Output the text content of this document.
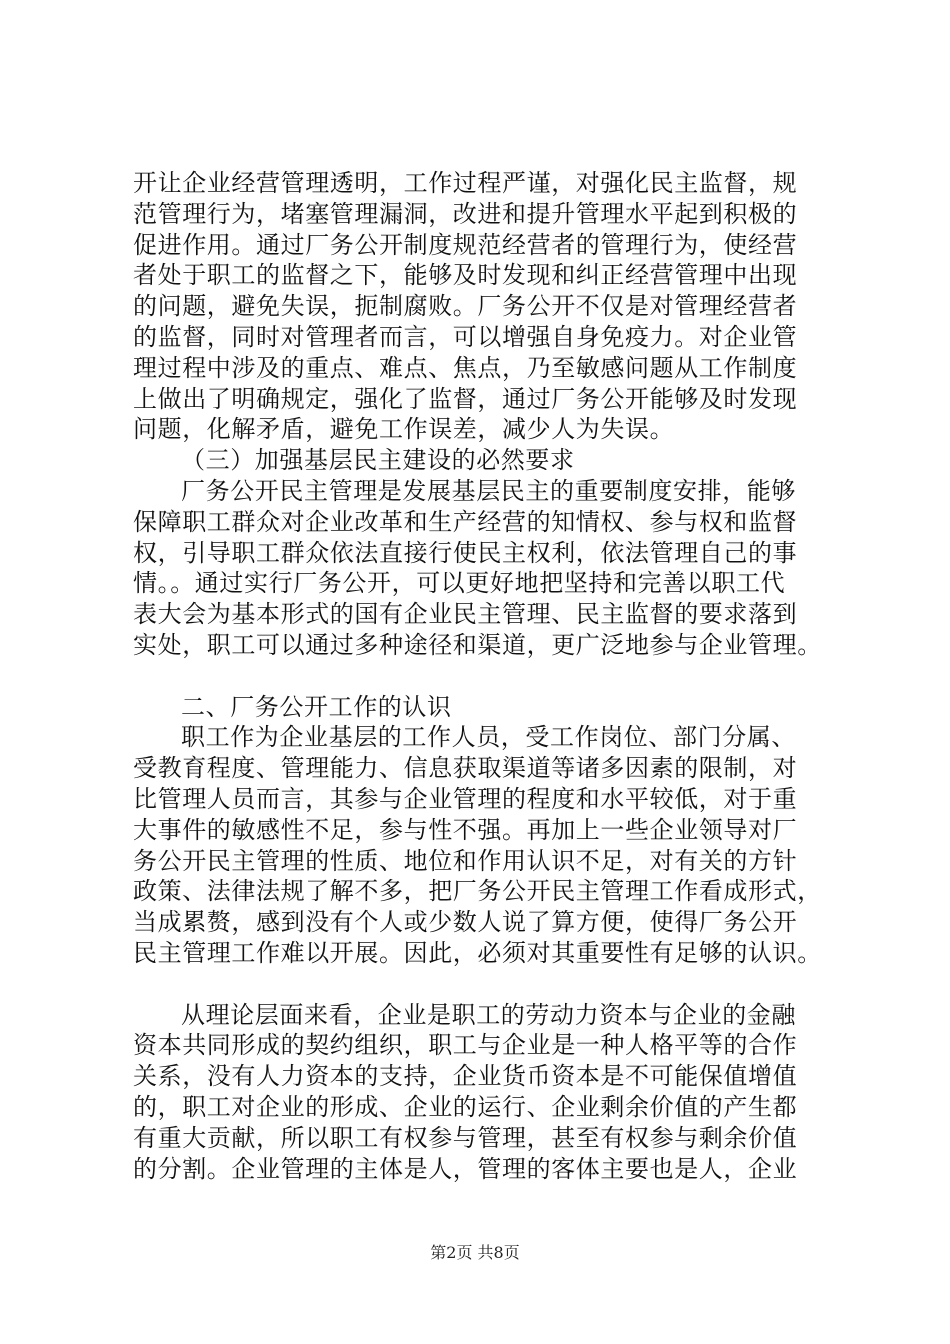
开让企业经营管理透明，工作过程严谨，对强化民主监督，规
范管理行为，堵塞管理漏洞，改进和提升管理水平起到积极的
促进作用。通过厂务公开制度规范经营者的管理行为，使经营
者处于职工的监督之下，能够及时发现和纠正经营管理中出现
的问题，避免失误，扼制腐败。厂务公开不仅是对管理经营者
的监督，同时对管理者而言，可以增强自身免疫力。对企业管
理过程中涉及的重点、难点、焦点，乃至敏感问题从工作制度
上做出了明确规定，强化了监督，通过厂务公开能够及时发现
问题，化解矛盾，避免工作误差，减少人为失误。
（三）加强基层民主建设的必然要求
厂务公开民主管理是发展基层民主的重要制度安排，能够
保障职工群众对企业改革和生产经营的知情权、参与权和监督
权，引导职工群众依法直接行使民主权利，依法管理自己的事
情。。通过实行厂务公开，可以更好地把坚持和完善以职工代
表大会为基本形式的国有企业民主管理、民主监督的要求落到
实处，职工可以通过多种途径和渠道，更广泛地参与企业管理。
二、厂务公开工作的认识
职工作为企业基层的工作人员，受工作岗位、部门分属、
受教育程度、管理能力、信息获取渠道等诸多因素的限制，对
比管理人员而言，其参与企业管理的程度和水平较低，对于重
大事件的敏感性不足，参与性不强。再加上一些企业领导对厂
务公开民主管理的性质、地位和作用认识不足，对有关的方针
政策、法律法规了解不多，把厂务公开民主管理工作看成形式，
当成累赘，感到没有个人或少数人说了算方便，使得厂务公开
民主管理工作难以开展。因此，必须对其重要性有足够的认识。
从理论层面来看，企业是职工的劳动力资本与企业的金融
资本共同形成的契约组织，职工与企业是一种人格平等的合作
关系，没有人力资本的支持，企业货币资本是不可能保值增值
的，职工对企业的形成、企业的运行、企业剩余价值的产生都
有重大贡献，所以职工有权参与管理，甚至有权参与剩余价值
的分割。企业管理的主体是人，管理的客体主要也是人，企业
第2页 共8页
